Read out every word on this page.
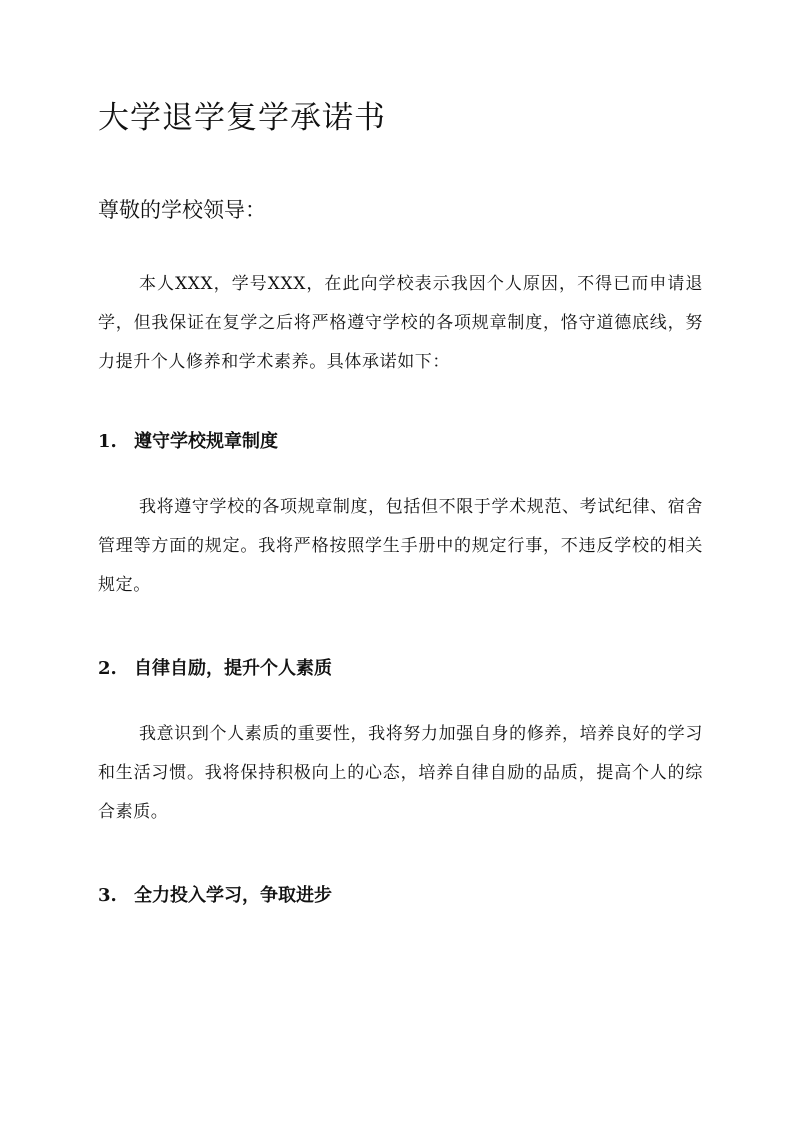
大学退学复学承诺书

尊敬的学校领导：

本人XXX，学号XXX，在此向学校表示我因个人原因，不得已而申请退学，但我保证在复学之后将严格遵守学校的各项规章制度，恪守道德底线，努力提升个人修养和学术素养。具体承诺如下：

1. 遵守学校规章制度

我将遵守学校的各项规章制度，包括但不限于学术规范、考试纪律、宿舍管理等方面的规定。我将严格按照学生手册中的规定行事，不违反学校的相关规定。

2. 自律自励，提升个人素质

我意识到个人素质的重要性，我将努力加强自身的修养，培养良好的学习和生活习惯。我将保持积极向上的心态，培养自律自励的品质，提高个人的综合素质。

3. 全力投入学习，争取进步
